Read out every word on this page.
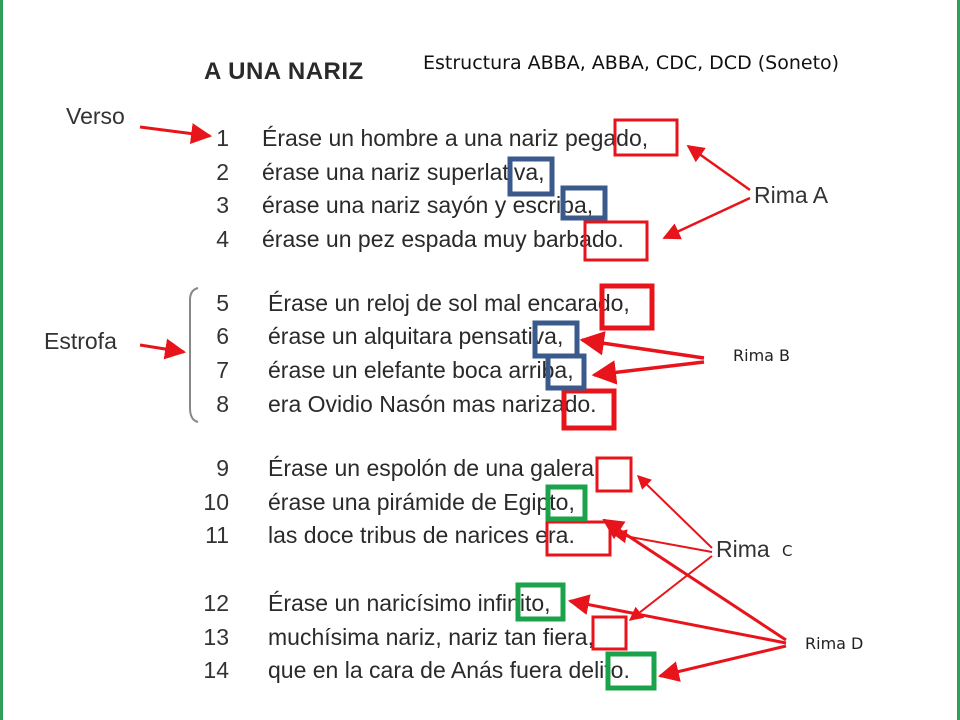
A UNA NARIZ	Estructura ABBA, ABBA, CDC, DCD (Soneto)
Verso
Estrofa
1
2
3
4
5
6
7
8
9
10
11
12
13
14
Érase un hombre a una nariz pegado,
érase una nariz superlativa,
érase una nariz sayón y escriba,
érase un pez espada muy barbado.
Érase un reloj de sol mal encarado,
érase un alquitara pensativa,
érase un elefante boca arriba,
era Ovidio Nasón mas narizado.
Érase un espolón de una galera,
érase una pirámide de Egipto,
las doce tribus de narices era.
Érase un naricísimo infinito,
muchísima nariz, nariz tan fiera,
que en la cara de Anás fuera delito.
Rima A
Rima B
Rima C
Rima D
